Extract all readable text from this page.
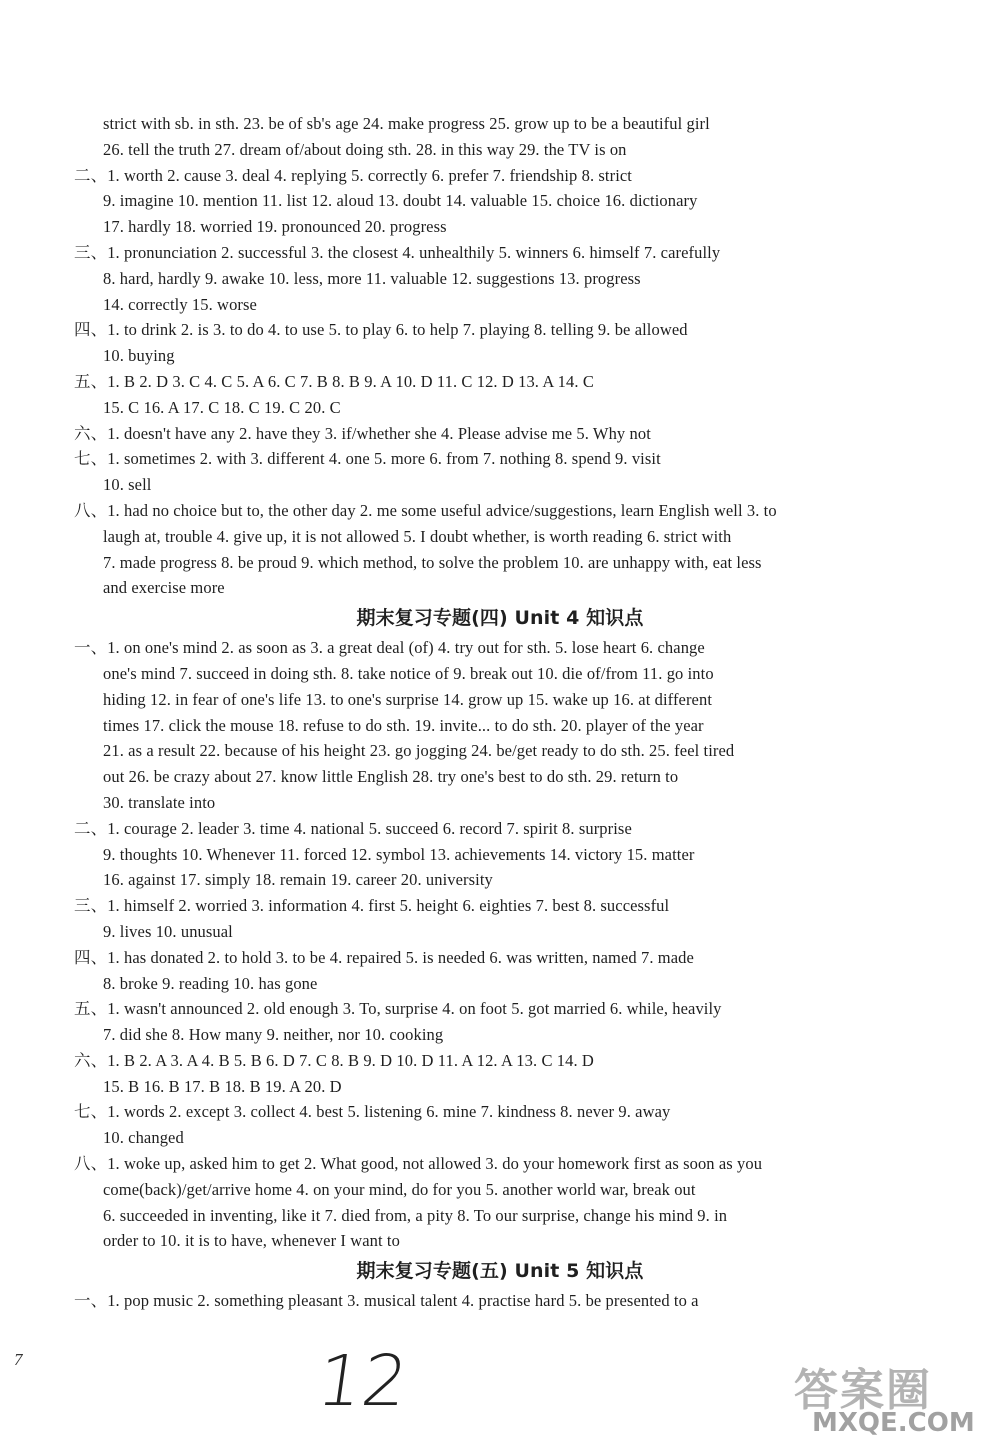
strict with sb. in sth. 23. be of sb's age 24. make progress 25. grow up to be a beautiful girl
26. tell the truth 27. dream of/about doing sth. 28. in this way 29. the TV is on
二、1. worth 2. cause 3. deal 4. replying 5. correctly 6. prefer 7. friendship 8. strict
9. imagine 10. mention 11. list 12. aloud 13. doubt 14. valuable 15. choice 16. dictionary
17. hardly 18. worried 19. pronounced 20. progress
三、1. pronunciation 2. successful 3. the closest 4. unhealthily 5. winners 6. himself 7. carefully
8. hard, hardly 9. awake 10. less, more 11. valuable 12. suggestions 13. progress
14. correctly 15. worse
四、1. to drink 2. is 3. to do 4. to use 5. to play 6. to help 7. playing 8. telling 9. be allowed
10. buying
五、1. B 2. D 3. C 4. C 5. A 6. C 7. B 8. B 9. A 10. D 11. C 12. D 13. A 14. C
15. C 16. A 17. C 18. C 19. C 20. C
六、1. doesn't have any 2. have they 3. if/whether she 4. Please advise me 5. Why not
七、1. sometimes 2. with 3. different 4. one 5. more 6. from 7. nothing 8. spend 9. visit
10. sell
八、1. had no choice but to, the other day 2. me some useful advice/suggestions, learn English well 3. to
laugh at, trouble 4. give up, it is not allowed 5. I doubt whether, is worth reading 6. strict with
7. made progress 8. be proud 9. which method, to solve the problem 10. are unhappy with, eat less
and exercise more
期末复习专题(四) Unit 4 知识点
一、1. on one's mind 2. as soon as 3. a great deal (of) 4. try out for sth. 5. lose heart 6. change
one's mind 7. succeed in doing sth. 8. take notice of 9. break out 10. die of/from 11. go into
hiding 12. in fear of one's life 13. to one's surprise 14. grow up 15. wake up 16. at different
times 17. click the mouse 18. refuse to do sth. 19. invite... to do sth. 20. player of the year
21. as a result 22. because of his height 23. go jogging 24. be/get ready to do sth. 25. feel tired
out 26. be crazy about 27. know little English 28. try one's best to do sth. 29. return to
30. translate into
二、1. courage 2. leader 3. time 4. national 5. succeed 6. record 7. spirit 8. surprise
9. thoughts 10. Whenever 11. forced 12. symbol 13. achievements 14. victory 15. matter
16. against 17. simply 18. remain 19. career 20. university
三、1. himself 2. worried 3. information 4. first 5. height 6. eighties 7. best 8. successful
9. lives 10. unusual
四、1. has donated 2. to hold 3. to be 4. repaired 5. is needed 6. was written, named 7. made
8. broke 9. reading 10. has gone
五、1. wasn't announced 2. old enough 3. To, surprise 4. on foot 5. got married 6. while, heavily
7. did she 8. How many 9. neither, nor 10. cooking
六、1. B 2. A 3. A 4. B 5. B 6. D 7. C 8. B 9. D 10. D 11. A 12. A 13. C 14. D
15. B 16. B 17. B 18. B 19. A 20. D
七、1. words 2. except 3. collect 4. best 5. listening 6. mine 7. kindness 8. never 9. away
10. changed
八、1. woke up, asked him to get 2. What good, not allowed 3. do your homework first as soon as you
come(back)/get/arrive home 4. on your mind, do for you 5. another world war, break out
6. succeeded in inventing, like it 7. died from, a pity 8. To our surprise, change his mind 9. in
order to 10. it is to have, whenever I want to
期末复习专题(五) Unit 5 知识点
一、1. pop music 2. something pleasant 3. musical talent 4. practise hard 5. be presented to a
7	12	答案圈
MXQE.COM
